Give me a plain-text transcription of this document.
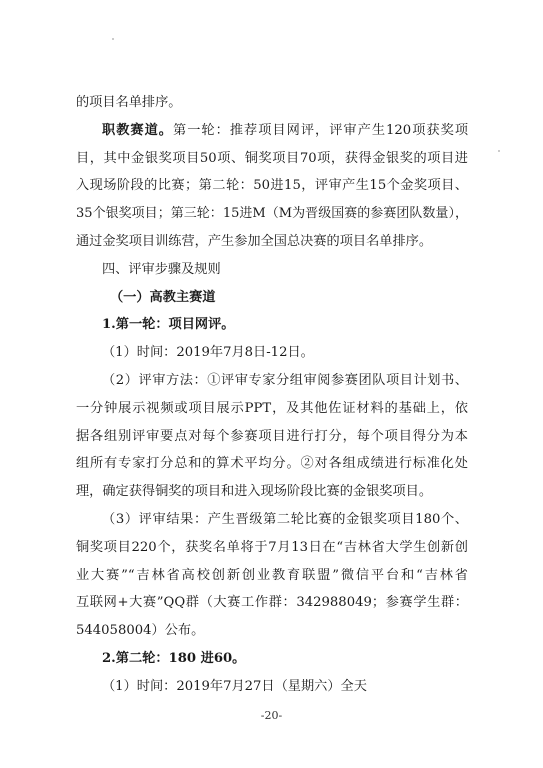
的项目名单排序。
职教赛道。第一轮：推荐项目网评，评审产生120项获奖项
目，其中金银奖项目50项、铜奖项目70项，获得金银奖的项目进
入现场阶段的比赛；第二轮：50进15，评审产生15个金奖项目、
35个银奖项目；第三轮：15进M（M为晋级国赛的参赛团队数量），
通过金奖项目训练营，产生参加全国总决赛的项目名单排序。
四、评审步骤及规则
（一）高教主赛道
1.第一轮：项目网评。
（1）时间：2019年7月8日-12日。
（2）评审方法：①评审专家分组审阅参赛团队项目计划书、
一分钟展示视频或项目展示PPT，及其他佐证材料的基础上，依
据各组别评审要点对每个参赛项目进行打分，每个项目得分为本
组所有专家打分总和的算术平均分。②对各组成绩进行标准化处
理，确定获得铜奖的项目和进入现场阶段比赛的金银奖项目。
（3）评审结果：产生晋级第二轮比赛的金银奖项目180个、
铜奖项目220个，获奖名单将于7月13日在“吉林省大学生创新创
业大赛”“吉林省高校创新创业教育联盟”微信平台和“吉林省
互联网+大赛”QQ群（大赛工作群：342988049；参赛学生群：
544058004）公布。
2.第二轮：180 进60。
（1）时间：2019年7月27日（星期六）全天
-20-
